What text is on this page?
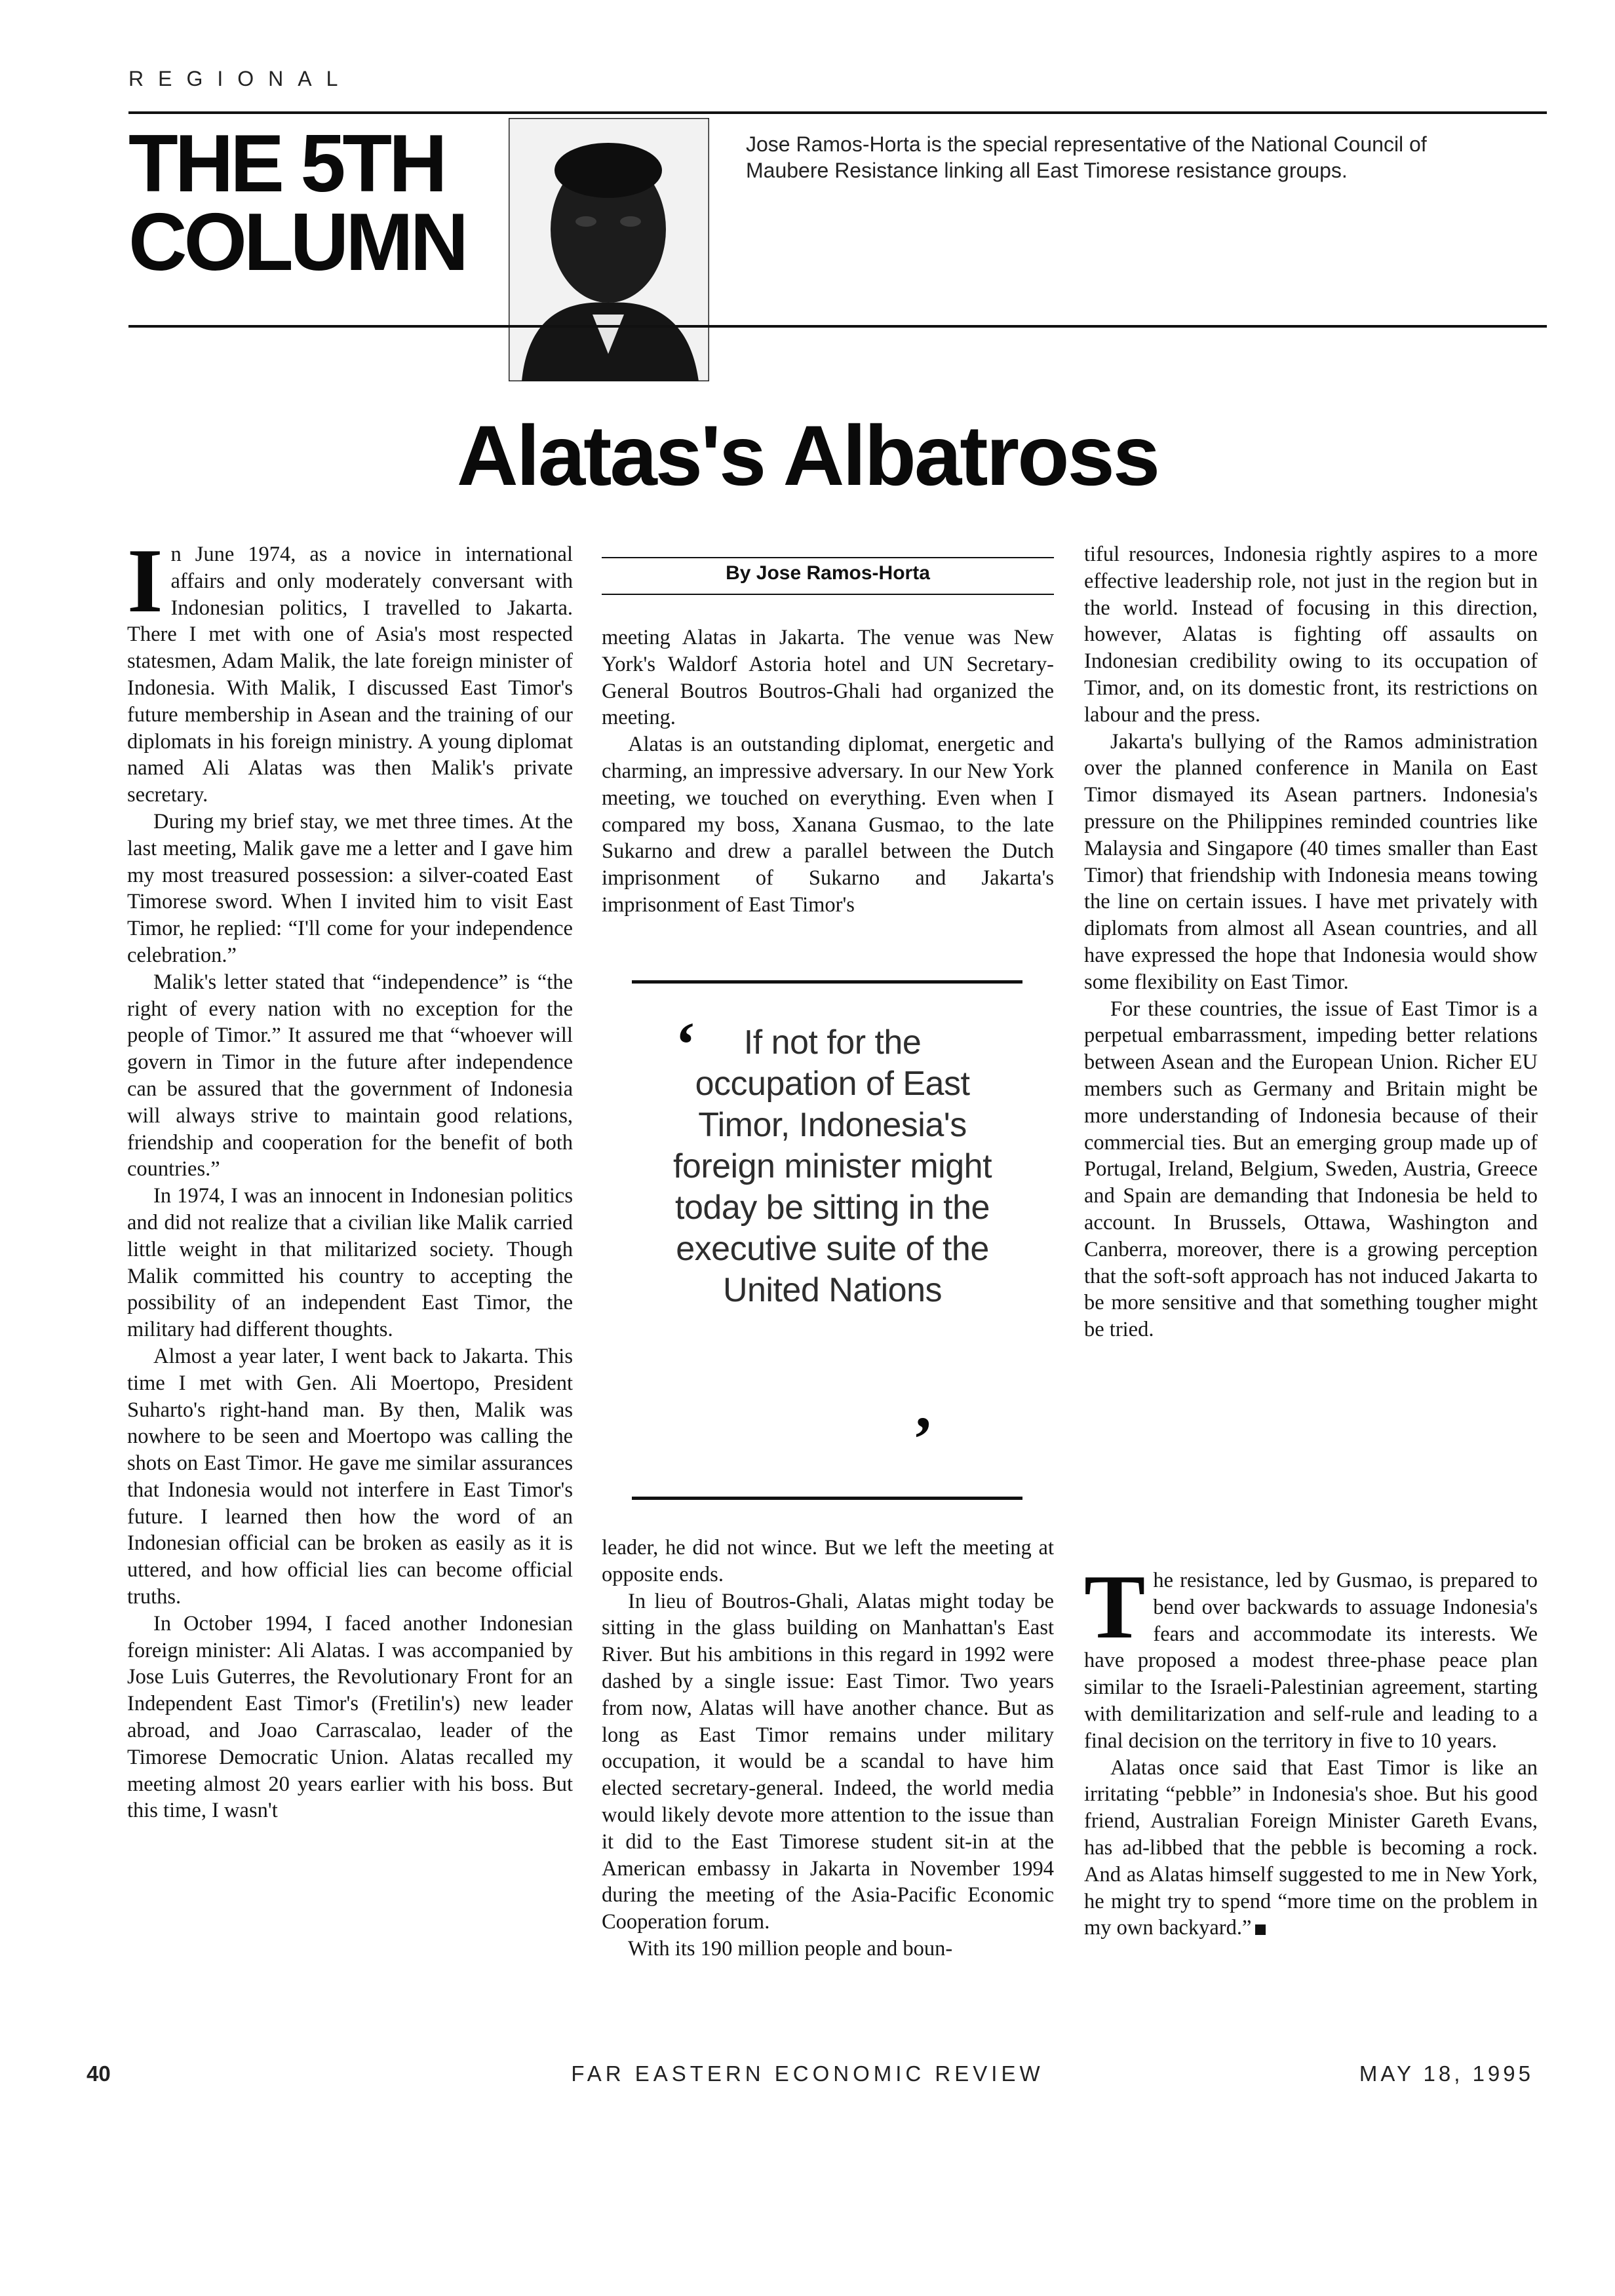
REGIONAL
THE 5TH
COLUMN
Jose Ramos-Horta is the special representative of the National Council of Maubere Resistance linking all East Timorese resistance groups.
Alatas's Albatross

In June 1974, as a novice in international affairs and only moderately conversant with Indonesian politics, I travelled to Jakarta. There I met with one of Asia's most respected statesmen, Adam Malik, the late foreign minister of Indonesia. With Malik, I discussed East Timor's future membership in Asean and the training of our diplomats in his foreign ministry. A young diplomat named Ali Alatas was then Malik's private secretary.

During my brief stay, we met three times. At the last meeting, Malik gave me a letter and I gave him my most treasured possession: a silver-coated East Timorese sword. When I invited him to visit East Timor, he replied: “I'll come for your independence celebration.”

Malik's letter stated that “independence” is “the right of every nation with no exception for the people of Timor.” It assured me that “whoever will govern in Timor in the future after independence can be assured that the government of Indonesia will always strive to maintain good relations, friendship and cooperation for the benefit of both countries.”

In 1974, I was an innocent in Indonesian politics and did not realize that a civilian like Malik carried little weight in that militarized society. Though Malik committed his country to accepting the possibility of an independent East Timor, the military had different thoughts.

Almost a year later, I went back to Jakarta. This time I met with Gen. Ali Moertopo, President Suharto's right-hand man. By then, Malik was nowhere to be seen and Moertopo was calling the shots on East Timor. He gave me similar assurances that Indonesia would not interfere in East Timor's future. I learned then how the word of an Indonesian official can be broken as easily as it is uttered, and how official lies can become official truths.

In October 1994, I faced another Indonesian foreign minister: Ali Alatas. I was accompanied by Jose Luis Guterres, the Revolutionary Front for an Independent East Timor's (Fretilin's) new leader abroad, and Joao Carrascalao, leader of the Timorese Democratic Union. Alatas recalled my meeting almost 20 years earlier with his boss. But this time, I wasn't

By Jose Ramos-Horta

meeting Alatas in Jakarta. The venue was New York's Waldorf Astoria hotel and UN Secretary-General Boutros Boutros-Ghali had organized the meeting.

Alatas is an outstanding diplomat, energetic and charming, an impressive adversary. In our New York meeting, we touched on everything. Even when I compared my boss, Xanana Gusmao, to the late Sukarno and drew a parallel between the Dutch imprisonment of Sukarno and Jakarta's imprisonment of East Timor's

‘	If not for the occupation of East Timor, Indonesia's foreign minister might today be sitting in the executive suite of the United Nations
’

leader, he did not wince. But we left the meeting at opposite ends.

In lieu of Boutros-Ghali, Alatas might today be sitting in the glass building on Manhattan's East River. But his ambitions in this regard in 1992 were dashed by a single issue: East Timor. Two years from now, Alatas will have another chance. But as long as East Timor remains under military occupation, it would be a scandal to have him elected secretary-general. Indeed, the world media would likely devote more attention to the issue than it did to the East Timorese student sit-in at the American embassy in Jakarta in November 1994 during the meeting of the Asia-Pacific Economic Cooperation forum.

With its 190 million people and boun-

tiful resources, Indonesia rightly aspires to a more effective leadership role, not just in the region but in the world. Instead of focusing in this direction, however, Alatas is fighting off assaults on Indonesian credibility owing to its occupation of Timor, and, on its domestic front, its restrictions on labour and the press.

Jakarta's bullying of the Ramos administration over the planned conference in Manila on East Timor dismayed its Asean partners. Indonesia's pressure on the Philippines reminded countries like Malaysia and Singapore (40 times smaller than East Timor) that friendship with Indonesia means towing the line on certain issues. I have met privately with diplomats from almost all Asean countries, and all have expressed the hope that Indonesia would show some flexibility on East Timor.

For these countries, the issue of East Timor is a perpetual embarrassment, impeding better relations between Asean and the European Union. Richer EU members such as Germany and Britain might be more understanding of Indonesia because of their commercial ties. But an emerging group made up of Portugal, Ireland, Belgium, Sweden, Austria, Greece and Spain are demanding that Indonesia be held to account. In Brussels, Ottawa, Washington and Canberra, moreover, there is a growing perception that the soft-soft approach has not induced Jakarta to be more sensitive and that something tougher might be tried.

The resistance, led by Gusmao, is prepared to bend over backwards to assuage Indonesia's fears and accommodate its interests. We have proposed a modest three-phase peace plan similar to the Israeli-Palestinian agreement, starting with demilitarization and self-rule and leading to a final decision on the territory in five to 10 years.

Alatas once said that East Timor is like an irritating “pebble” in Indonesia's shoe. But his good friend, Australian Foreign Minister Gareth Evans, has ad-libbed that the pebble is becoming a rock. And as Alatas himself suggested to me in New York, he might try to spend “more time on the problem in my own backyard.”

40	FAR EASTERN ECONOMIC REVIEW	MAY 18, 1995
